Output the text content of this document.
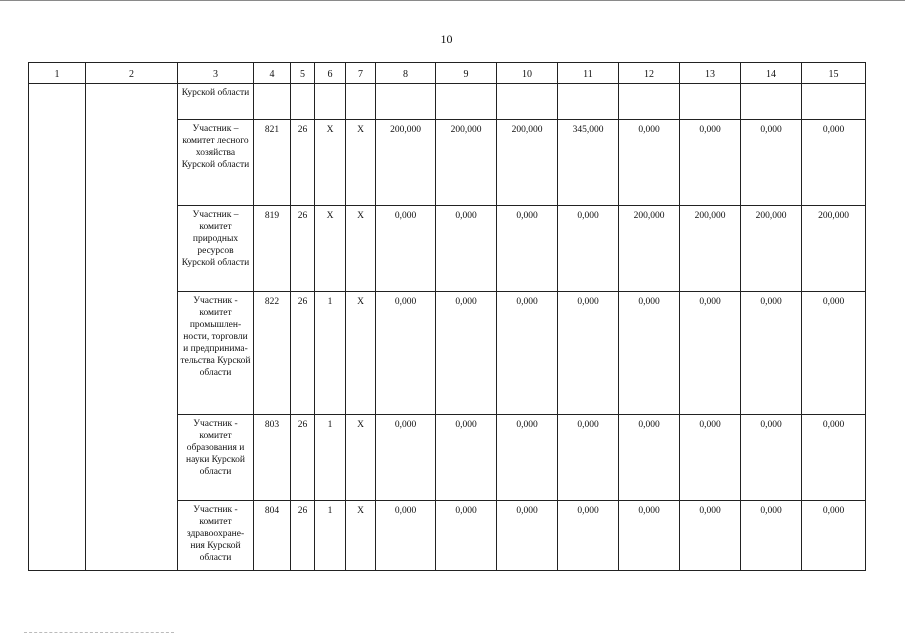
10
1	2	3	4	5	6	7	8	9	10	11	12	13	14	15
		Курской области												
		Участник – комитет лесного хозяйства Курской области	821	26	Х	Х	200,000	200,000	200,000	345,000	0,000	0,000	0,000	0,000
		Участник – комитет природных ресурсов Курской области	819	26	Х	Х	0,000	0,000	0,000	0,000	200,000	200,000	200,000	200,000
		Участник - комитет промышлен- ности, торговли и предпринима- тельства Курской области	822	26	1	Х	0,000	0,000	0,000	0,000	0,000	0,000	0,000	0,000
		Участник - комитет образования и науки Курской области	803	26	1	Х	0,000	0,000	0,000	0,000	0,000	0,000	0,000	0,000
		Участник - комитет здравоохране- ния Курской области	804	26	1	Х	0,000	0,000	0,000	0,000	0,000	0,000	0,000	0,000
